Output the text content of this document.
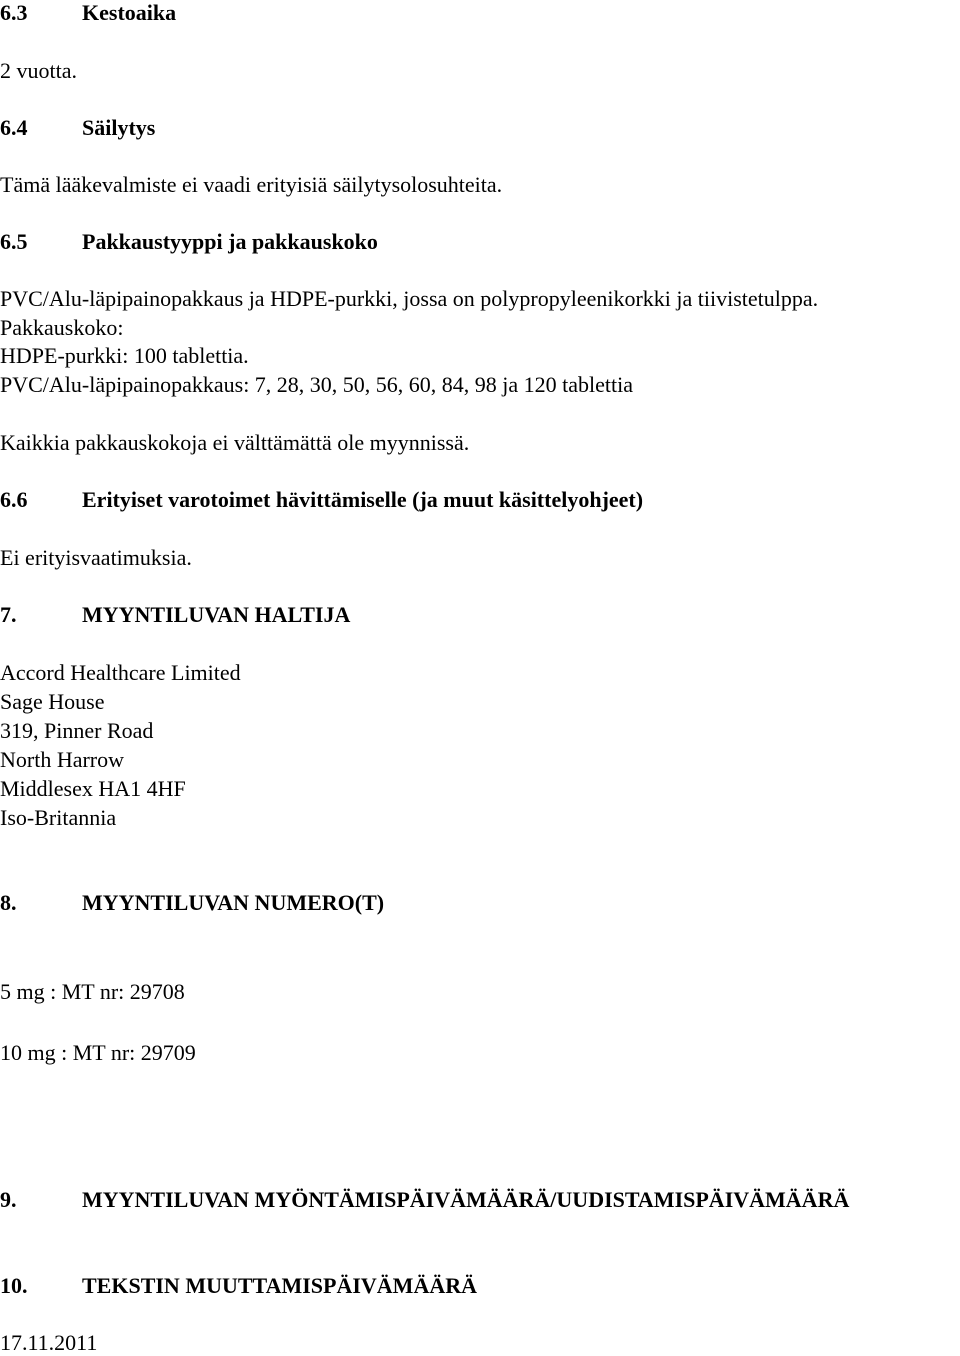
6.3 Kestoaika
2 vuotta.
6.4 Säilytys
Tämä lääkevalmiste ei vaadi erityisiä säilytysolosuhteita.
6.5 Pakkaustyyppi ja pakkauskoko
PVC/Alu-läpipainopakkaus ja HDPE-purkki, jossa on polypropyleenikorkki ja tiivistetulppa.
Pakkauskoko:
HDPE-purkki: 100 tablettia.
PVC/Alu-läpipainopakkaus: 7, 28, 30, 50, 56, 60, 84, 98 ja 120 tablettia
Kaikkia pakkauskokoja ei välttämättä ole myynnissä.
6.6 Erityiset varotoimet hävittämiselle (ja muut käsittelyohjeet)
Ei erityisvaatimuksia.
7.	MYYNTILUVAN HALTIJA
Accord Healthcare Limited
Sage House
319, Pinner Road
North Harrow
Middlesex HA1 4HF
Iso-Britannia
8.	MYYNTILUVAN NUMERO(T)
5 mg : MT nr: 29708
10 mg : MT nr: 29709
9.	MYYNTILUVAN MYÖNTÄMISPÄIVÄMÄÄRÄ/UUDISTAMISPÄIVÄMÄÄRÄ
10. TEKSTIN MUUTTAMISPÄIVÄMÄÄRÄ
17.11.2011
